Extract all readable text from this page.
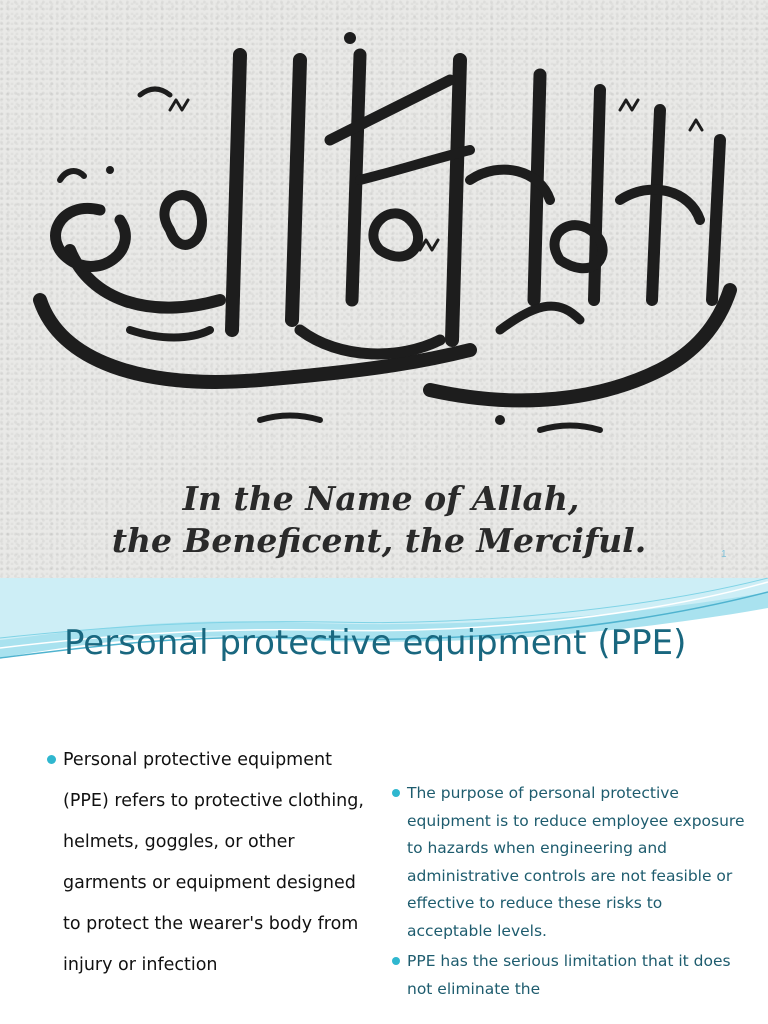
In the Name of Allah,
the Beneficent, the Merciful.	1
Personal protective equipment (PPE)
Personal protective equipment (PPE) refers to protective clothing, helmets, goggles, or other garments or equipment designed to protect the wearer's body from injury or infection
The purpose of personal protective equipment is to reduce employee exposure to hazards when engineering and administrative controls are not feasible or effective to reduce these risks to acceptable levels.
PPE has the serious limitation that it does not eliminate the
